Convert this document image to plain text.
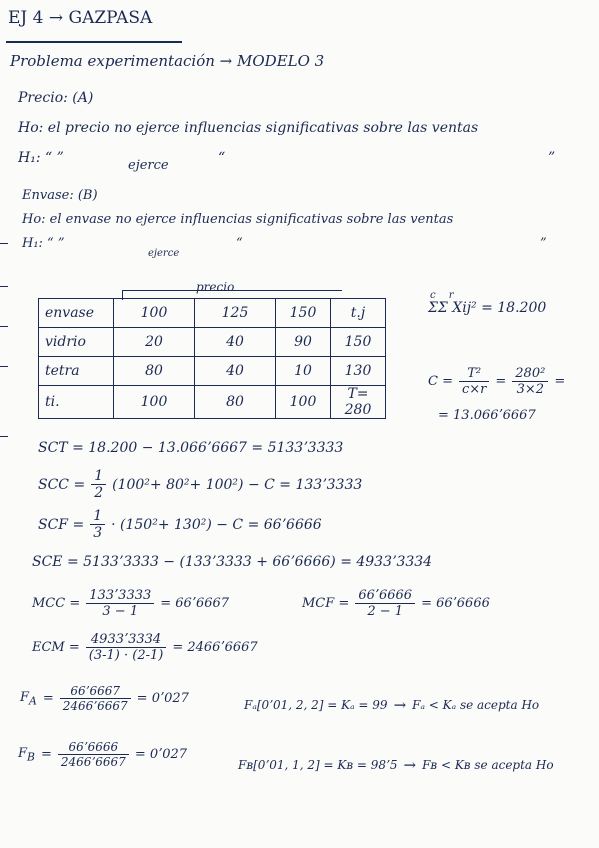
EJ 4 → GAZPASA
Problema experimentación → MODELO 3
Precio: (A)
Ho: el precio no ejerce influencias significativas sobre las ventas
H₁: “ ”	ejerce	“	”
Envase: (B)
Ho: el envase no ejerce influencias significativas sobre las ventas
H₁: “ ”
ejerce
“	”
precio
envase	100	125	150	t.j
vidrio	20	40	90	150
tetra	80	40	10	130
ti.	100	80	100	T= 280
c r
ΣΣ Xij² = 18.200
$C = \frac{\text{T²}}{c\times r} = \frac{\text{280²}}{3\times 2}$ =
= 13.066ʼ6667
SCT = 18.200 − 13.066ʼ6667 = 5133ʼ3333
SCC = $\frac{1}{2} (100^2+ 80^2+ 100^2) - C$ = 133ʼ3333
SCF = $\frac{1}{3} \cdot (150^2+ 130^2) - C$ = 66ʼ6666
SCE = 5133ʼ3333 − (133ʼ3333 + 66ʼ6666) = 4933ʼ3334
MCC = $\frac{\text{133ʼ3333}}{3 - 1}$ = 66ʼ6667	MCF = $\frac{\text{66ʼ6666}}{2 - 1}$ = 66ʼ6666
ECM = $\frac{\text{4933ʼ3334}}{(3-1) \cdot (2-1)}$ = 2466ʼ6667
$F_A = \frac{\text{66ʼ6667}}{\text{2466ʼ6667}}$ = 0ʼ027	Fₐ[0ʼ01, 2, 2] = Kₐ = 99 → Fₐ < Kₐ se acepta Ho
$F_B = \frac{\text{66ʼ6666}}{\text{2466ʼ6667}}$ = 0ʼ027
Fʙ[0ʼ01, 1, 2] = Kʙ = 98ʼ5 → Fʙ < Kʙ se acepta Ho
